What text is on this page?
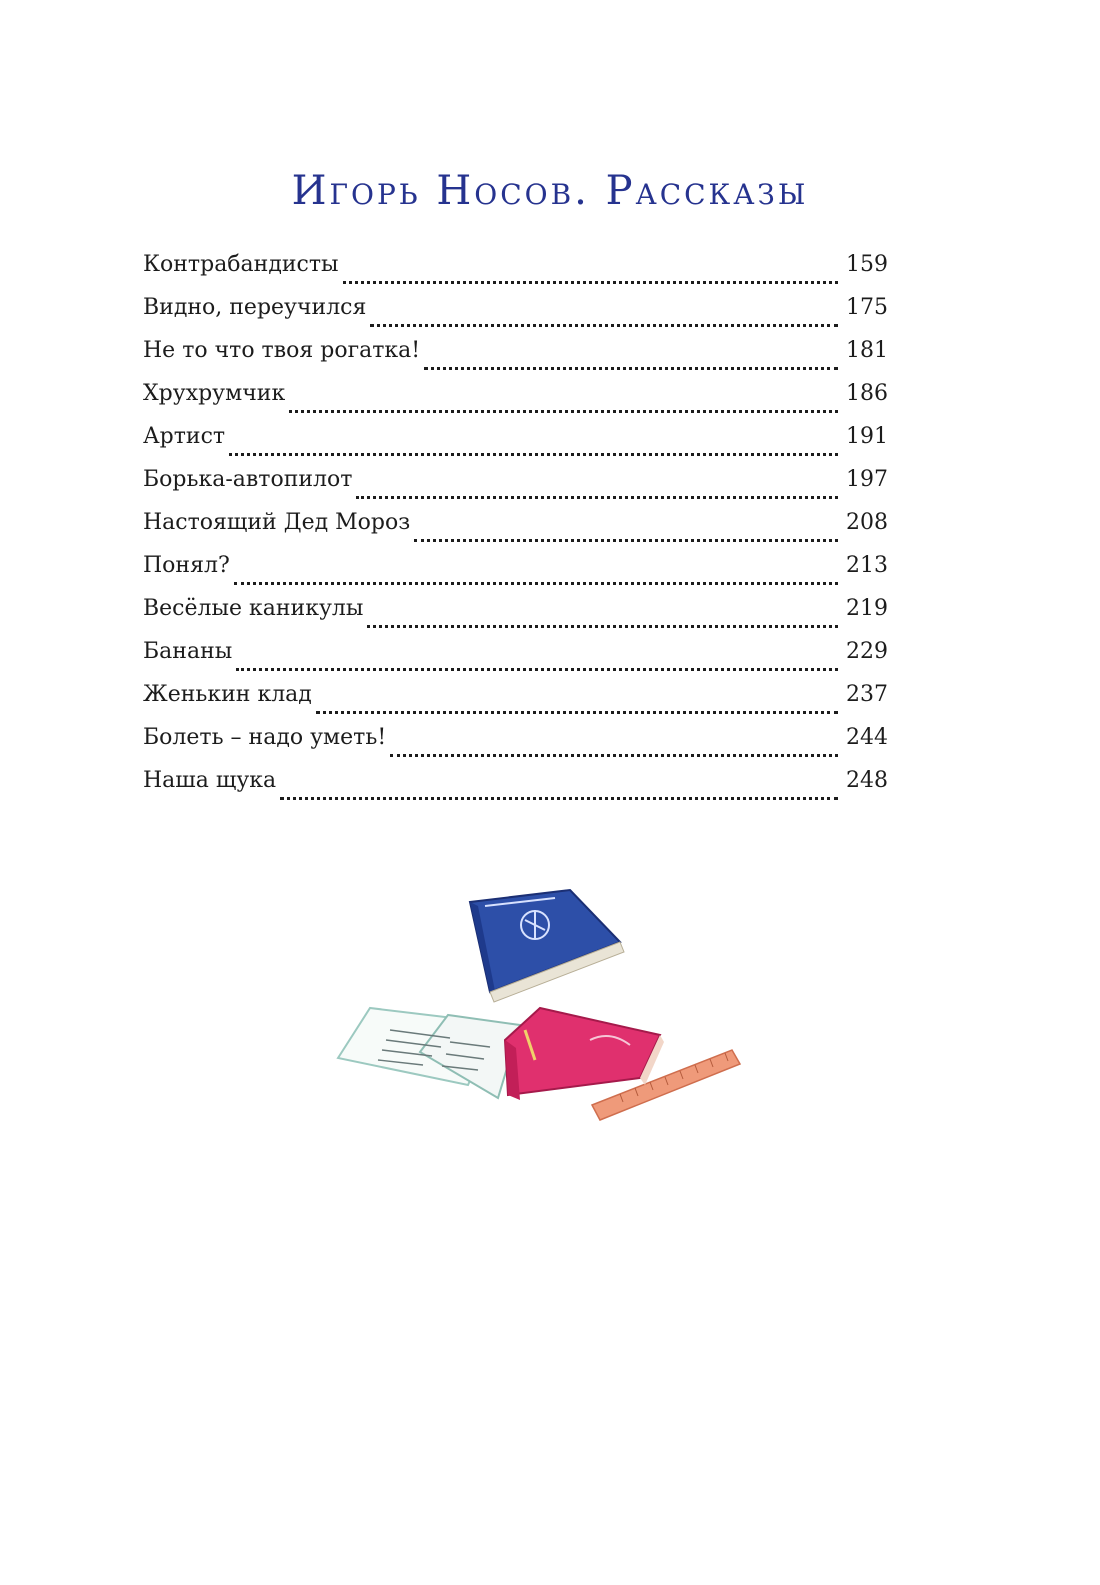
Игорь Носов. Рассказы
Контрабандисты	159
Видно, переучился	175
Не то что твоя рогатка!	181
Хрухрумчик	186
Артист	191
Борька-автопилот	197
Настоящий Дед Мороз	208
Понял?	213
Весёлые каникулы	219
Бананы	229
Женькин клад	237
Болеть – надо уметь!	244
Наша щука	248
